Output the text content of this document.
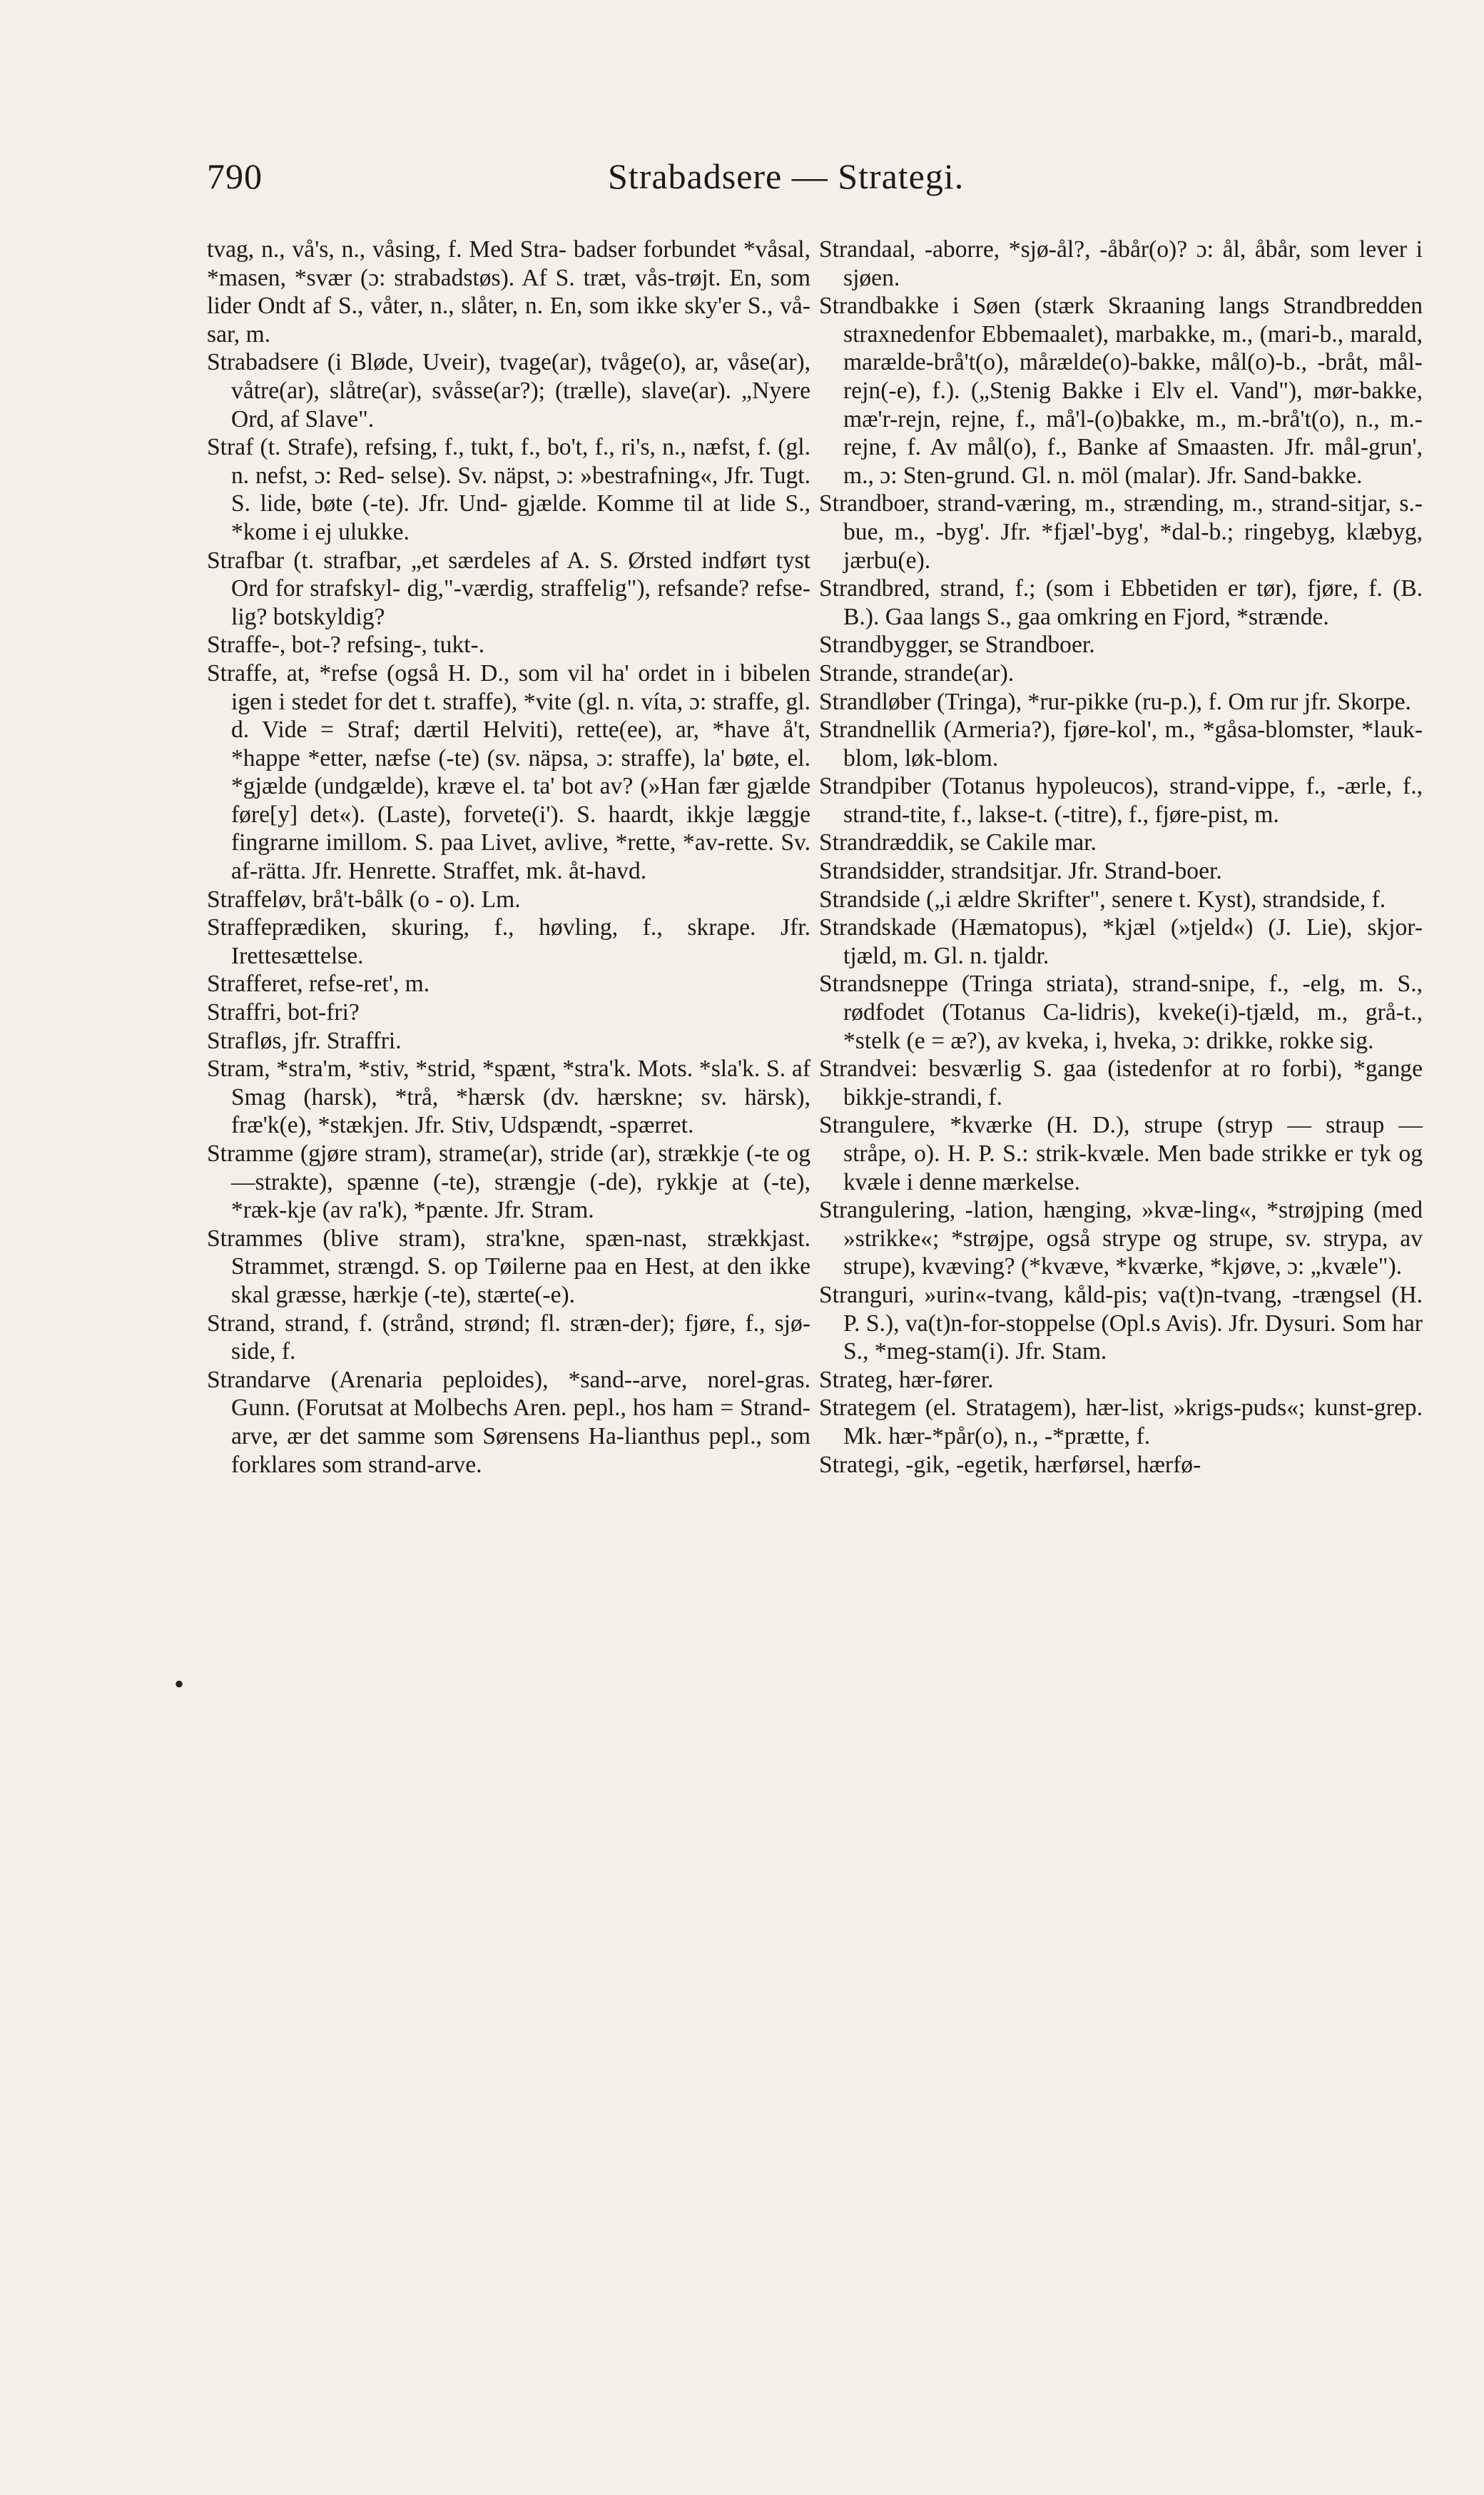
790	Strabadsere — Strategi.

tvag, n., vå's, n., våsing, f. Med Stra- badser forbundet *våsal, *masen, *svær (ɔ: strabadstøs). Af S. træt, vås-trøjt. En, som lider Ondt af S., våter, n., slåter, n. En, som ikke sky'er S., vå-sar, m.

Strabadsere (i Bløde, Uveir), tvage(ar), tvåge(o), ar, våse(ar), våtre(ar), slåtre(ar), svåsse(ar?); (trælle), slave(ar). „Nyere Ord, af Slave".

Straf (t. Strafe), refsing, f., tukt, f., bo't, f., ri's, n., næfst, f. (gl. n. nefst, ɔ: Red- selse). Sv. näpst, ɔ: »bestrafning«, Jfr. Tugt. S. lide, bøte (-te). Jfr. Und- gjælde. Komme til at lide S., *kome i ej ulukke.

Strafbar (t. strafbar, „et særdeles af A. S. Ørsted indført tyst Ord for strafskyl- dig,"-værdig, straffelig"), refsande? refse-lig? botskyldig?

Straffe-, bot-? refsing-, tukt-.

Straffe, at, *refse (også H. D., som vil ha' ordet in i bibelen igen i stedet for det t. straffe), *vite (gl. n. víta, ɔ: straffe, gl. d. Vide = Straf; dærtil Helviti), rette(ee), ar, *have å't, *happe *etter, næfse (-te) (sv. näpsa, ɔ: straffe), la' bøte, el. *gjælde (undgælde), kræve el. ta' bot av? (»Han fær gjælde føre[y] det«). (Laste), forvete(i'). S. haardt, ikkje læggje fingrarne imillom. S. paa Livet, avlive, *rette, *av-rette. Sv. af-rätta. Jfr. Henrette. Straffet, mk. åt-havd.

Straffeløv, brå't-bålk (o - o). Lm.

Straffeprædiken, skuring, f., høvling, f., skrape. Jfr. Irettesættelse.

Strafferet, refse-ret', m.

Straffri, bot-fri?

Strafløs, jfr. Straffri.

Stram, *stra'm, *stiv, *strid, *spænt, *stra'k. Mots. *sla'k. S. af Smag (harsk), *trå, *hærsk (dv. hærskne; sv. härsk), fræ'k(e), *stækjen. Jfr. Stiv, Udspændt, -spærret.

Stramme (gjøre stram), strame(ar), stride (ar), strækkje (-te og —strakte), spænne (-te), strængje (-de), rykkje at (-te), *ræk-kje (av ra'k), *pænte. Jfr. Stram.

Strammes (blive stram), stra'kne, spæn-nast, strækkjast. Strammet, strængd. S. op Tøilerne paa en Hest, at den ikke skal græsse, hærkje (-te), stærte(-e).

Strand, strand, f. (strånd, strønd; fl. stræn-der); fjøre, f., sjø-side, f.

Strandarve (Arenaria peploides), *sand--arve, norel-gras. Gunn. (Forutsat at Molbechs Aren. pepl., hos ham = Strand- arve, ær det samme som Sørensens Ha-lianthus pepl., som forklares som strand-arve.

Strandaal, -aborre, *sjø-ål?, -åbår(o)? ɔ: ål, åbår, som lever i sjøen.

Strandbakke i Søen (stærk Skraaning langs Strandbredden straxnedenfor Ebbemaalet), marbakke, m., (mari-b., marald, marælde-brå't(o), mårælde(o)-bakke, mål(o)-b., -bråt, mål-rejn(-e), f.). („Stenig Bakke i Elv el. Vand"), mør-bakke, mæ'r-rejn, rejne, f., må'l-(o)bakke, m., m.-brå't(o), n., m.-rejne, f. Av mål(o), f., Banke af Smaasten. Jfr. mål-grun', m., ɔ: Sten-grund. Gl. n. möl (malar). Jfr. Sand-bakke.

Strandboer, strand-væring, m., strænding, m., strand-sitjar, s.-bue, m., -byg'. Jfr. *fjæl'-byg', *dal-b.; ringebyg, klæbyg, jærbu(e).

Strandbred, strand, f.; (som i Ebbetiden er tør), fjøre, f. (B. B.). Gaa langs S., gaa omkring en Fjord, *strænde.

Strandbygger, se Strandboer.

Strande, strande(ar).

Strandløber (Tringa), *rur-pikke (ru-p.), f. Om rur jfr. Skorpe.

Strandnellik (Armeria?), fjøre-kol', m., *gåsa-blomster, *lauk-blom, løk-blom.

Strandpiber (Totanus hypoleucos), strand-vippe, f., -ærle, f., strand-tite, f., lakse-t. (-titre), f., fjøre-pist, m.

Strandræddik, se Cakile mar.

Strandsidder, strandsitjar. Jfr. Strand-boer.

Strandside („i ældre Skrifter", senere t. Kyst), strandside, f.

Strandskade (Hæmatopus), *kjæl (»tjeld«) (J. Lie), skjor-tjæld, m. Gl. n. tjaldr.

Strandsneppe (Tringa striata), strand-snipe, f., -elg, m. S., rødfodet (Totanus Ca-lidris), kveke(i)-tjæld, m., grå-t., *stelk (e = æ?), av kveka, i, hveka, ɔ: drikke, rokke sig.

Strandvei: besværlig S. gaa (istedenfor at ro forbi), *gange bikkje-strandi, f.

Strangulere, *kværke (H. D.), strupe (stryp — straup — stråpe, o). H. P. S.: strik-kvæle. Men bade strikke er tyk og kvæle i denne mærkelse.

Strangulering, -lation, hænging, »kvæ-ling«, *strøjping (med »strikke«; *strøjpe, også strype og strupe, sv. strypa, av strupe), kvæving? (*kvæve, *kværke, *kjøve, ɔ: „kvæle").

Stranguri, »urin«-tvang, kåld-pis; va(t)n-tvang, -trængsel (H. P. S.), va(t)n-for-stoppelse (Opl.s Avis). Jfr. Dysuri. Som har S., *meg-stam(i). Jfr. Stam.

Strateg, hær-fører.

Strategem (el. Stratagem), hær-list, »krigs-puds«; kunst-grep. Mk. hær-*pår(o), n., -*prætte, f.

Strategi, -gik, -egetik, hærførsel, hærfø-

•
